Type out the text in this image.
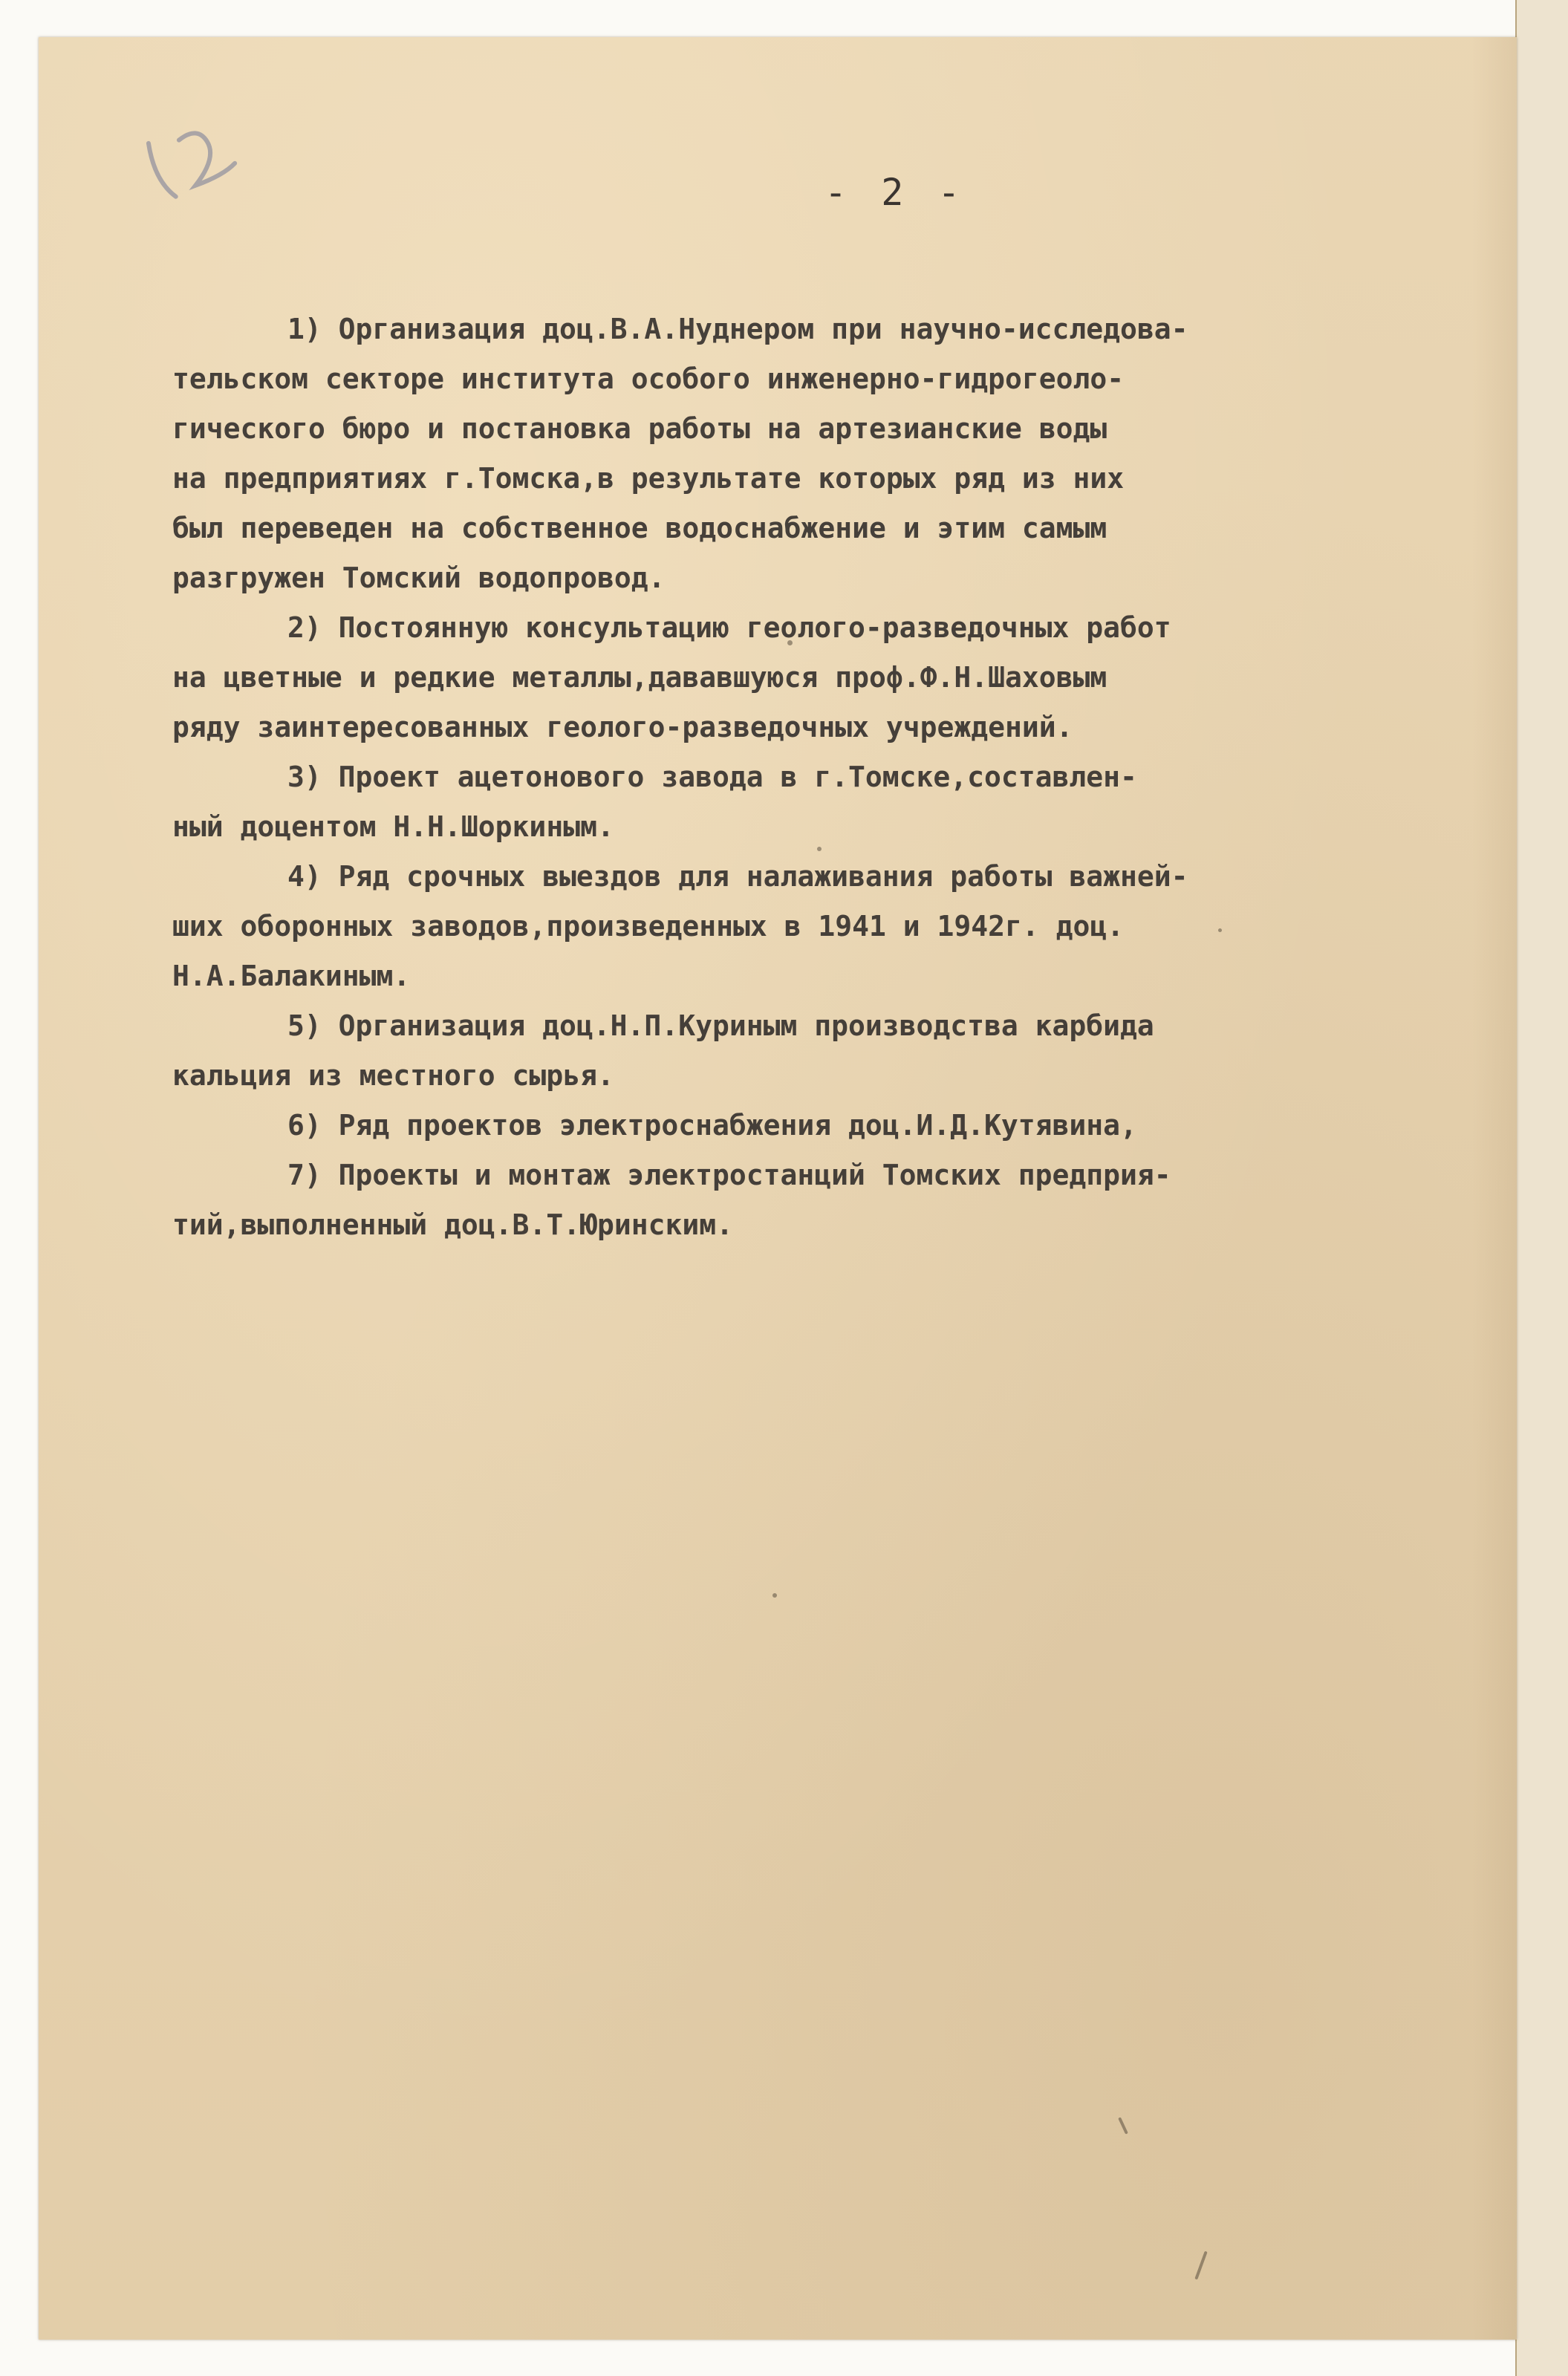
- 2 -

1) Организация доц.В.А.Нуднером при научно-исследова-
тельском секторе института особого инженерно-гидрогеоло-
гического бюро и постановка работы на артезианские воды
на предприятиях г.Томска,в результате которых ряд из них
был переведен на собственное водоснабжение и этим самым
разгружен Томский водопровод.

2) Постоянную консультацию геолого-разведочных работ
на цветные и редкие металлы,дававшуюся проф.Ф.Н.Шаховым
ряду заинтересованных геолого-разведочных учреждений.

3) Проект ацетонового завода в г.Томске,составлен-
ный доцентом Н.Н.Шоркиным.

4) Ряд срочных выездов для налаживания работы важней-
ших оборонных заводов,произведенных в 1941 и 1942г. доц.
Н.А.Балакиным.

5) Организация доц.Н.П.Куриным производства карбида
кальция из местного сырья.

6) Ряд проектов электроснабжения доц.И.Д.Кутявина,

7) Проекты и монтаж электростанций Томских предприя-
тий,выполненный доц.В.Т.Юринским.
